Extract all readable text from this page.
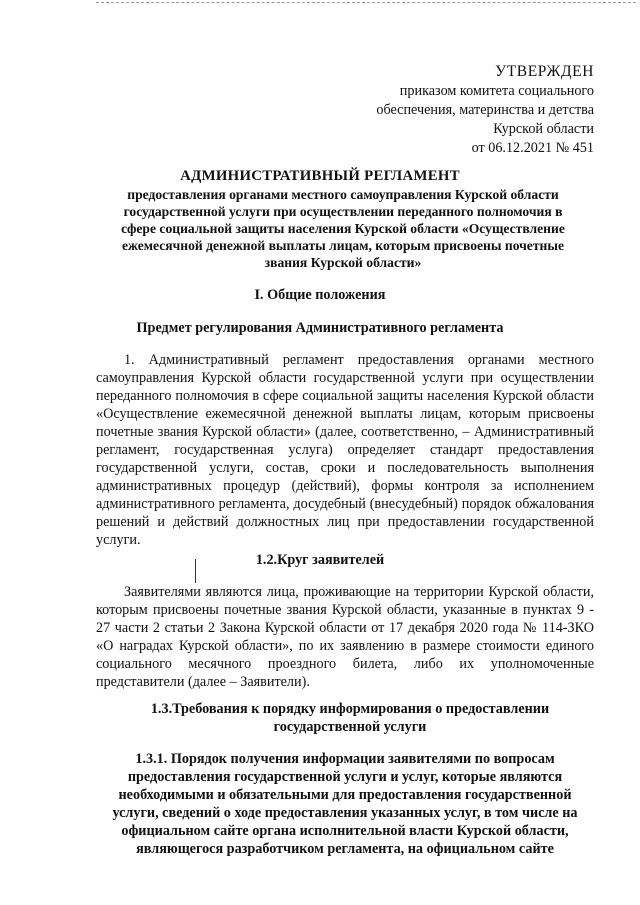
УТВЕРЖДЕН
приказом комитета социального
обеспечения, материнства и детства
Курской области
от 06.12.2021 № 451
АДМИНИСТРАТИВНЫЙ РЕГЛАМЕНТ
предоставления органами местного самоуправления Курской области государственной услуги при осуществлении переданного полномочия в сфере социальной защиты населения Курской области «Осуществление ежемесячной денежной выплаты лицам, которым присвоены почетные звания Курской области»
I. Общие положения
Предмет регулирования Административного регламента
1. Административный регламент предоставления органами местного самоуправления Курской области государственной услуги при осуществлении переданного полномочия в сфере социальной защиты населения Курской области «Осуществление ежемесячной денежной выплаты лицам, которым присвоены почетные звания Курской области» (далее, соответственно, – Административный регламент, государственная услуга) определяет стандарт предоставления государственной услуги, состав, сроки и последовательность выполнения административных процедур (действий), формы контроля за исполнением административного регламента, досудебный (внесудебный) порядок обжалования решений и действий должностных лиц при предоставлении государственной услуги.
1.2.Круг заявителей
Заявителями являются лица, проживающие на территории Курской области, которым присвоены почетные звания Курской области, указанные в пунктах 9 - 27 части 2 статьи 2 Закона Курской области от 17 декабря 2020 года № 114-ЗКО «О наградах Курской области», по их заявлению в размере стоимости единого социального месячного проездного билета, либо их уполномоченные представители (далее – Заявители).
1.3.Требования к порядку информирования о предоставлении государственной услуги
1.3.1. Порядок получения информации заявителями по вопросам предоставления государственной услуги и услуг, которые являются необходимыми и обязательными для предоставления государственной услуги, сведений о ходе предоставления указанных услуг, в том числе на официальном сайте органа исполнительной власти Курской области, являющегося разработчиком регламента, на официальном сайте
